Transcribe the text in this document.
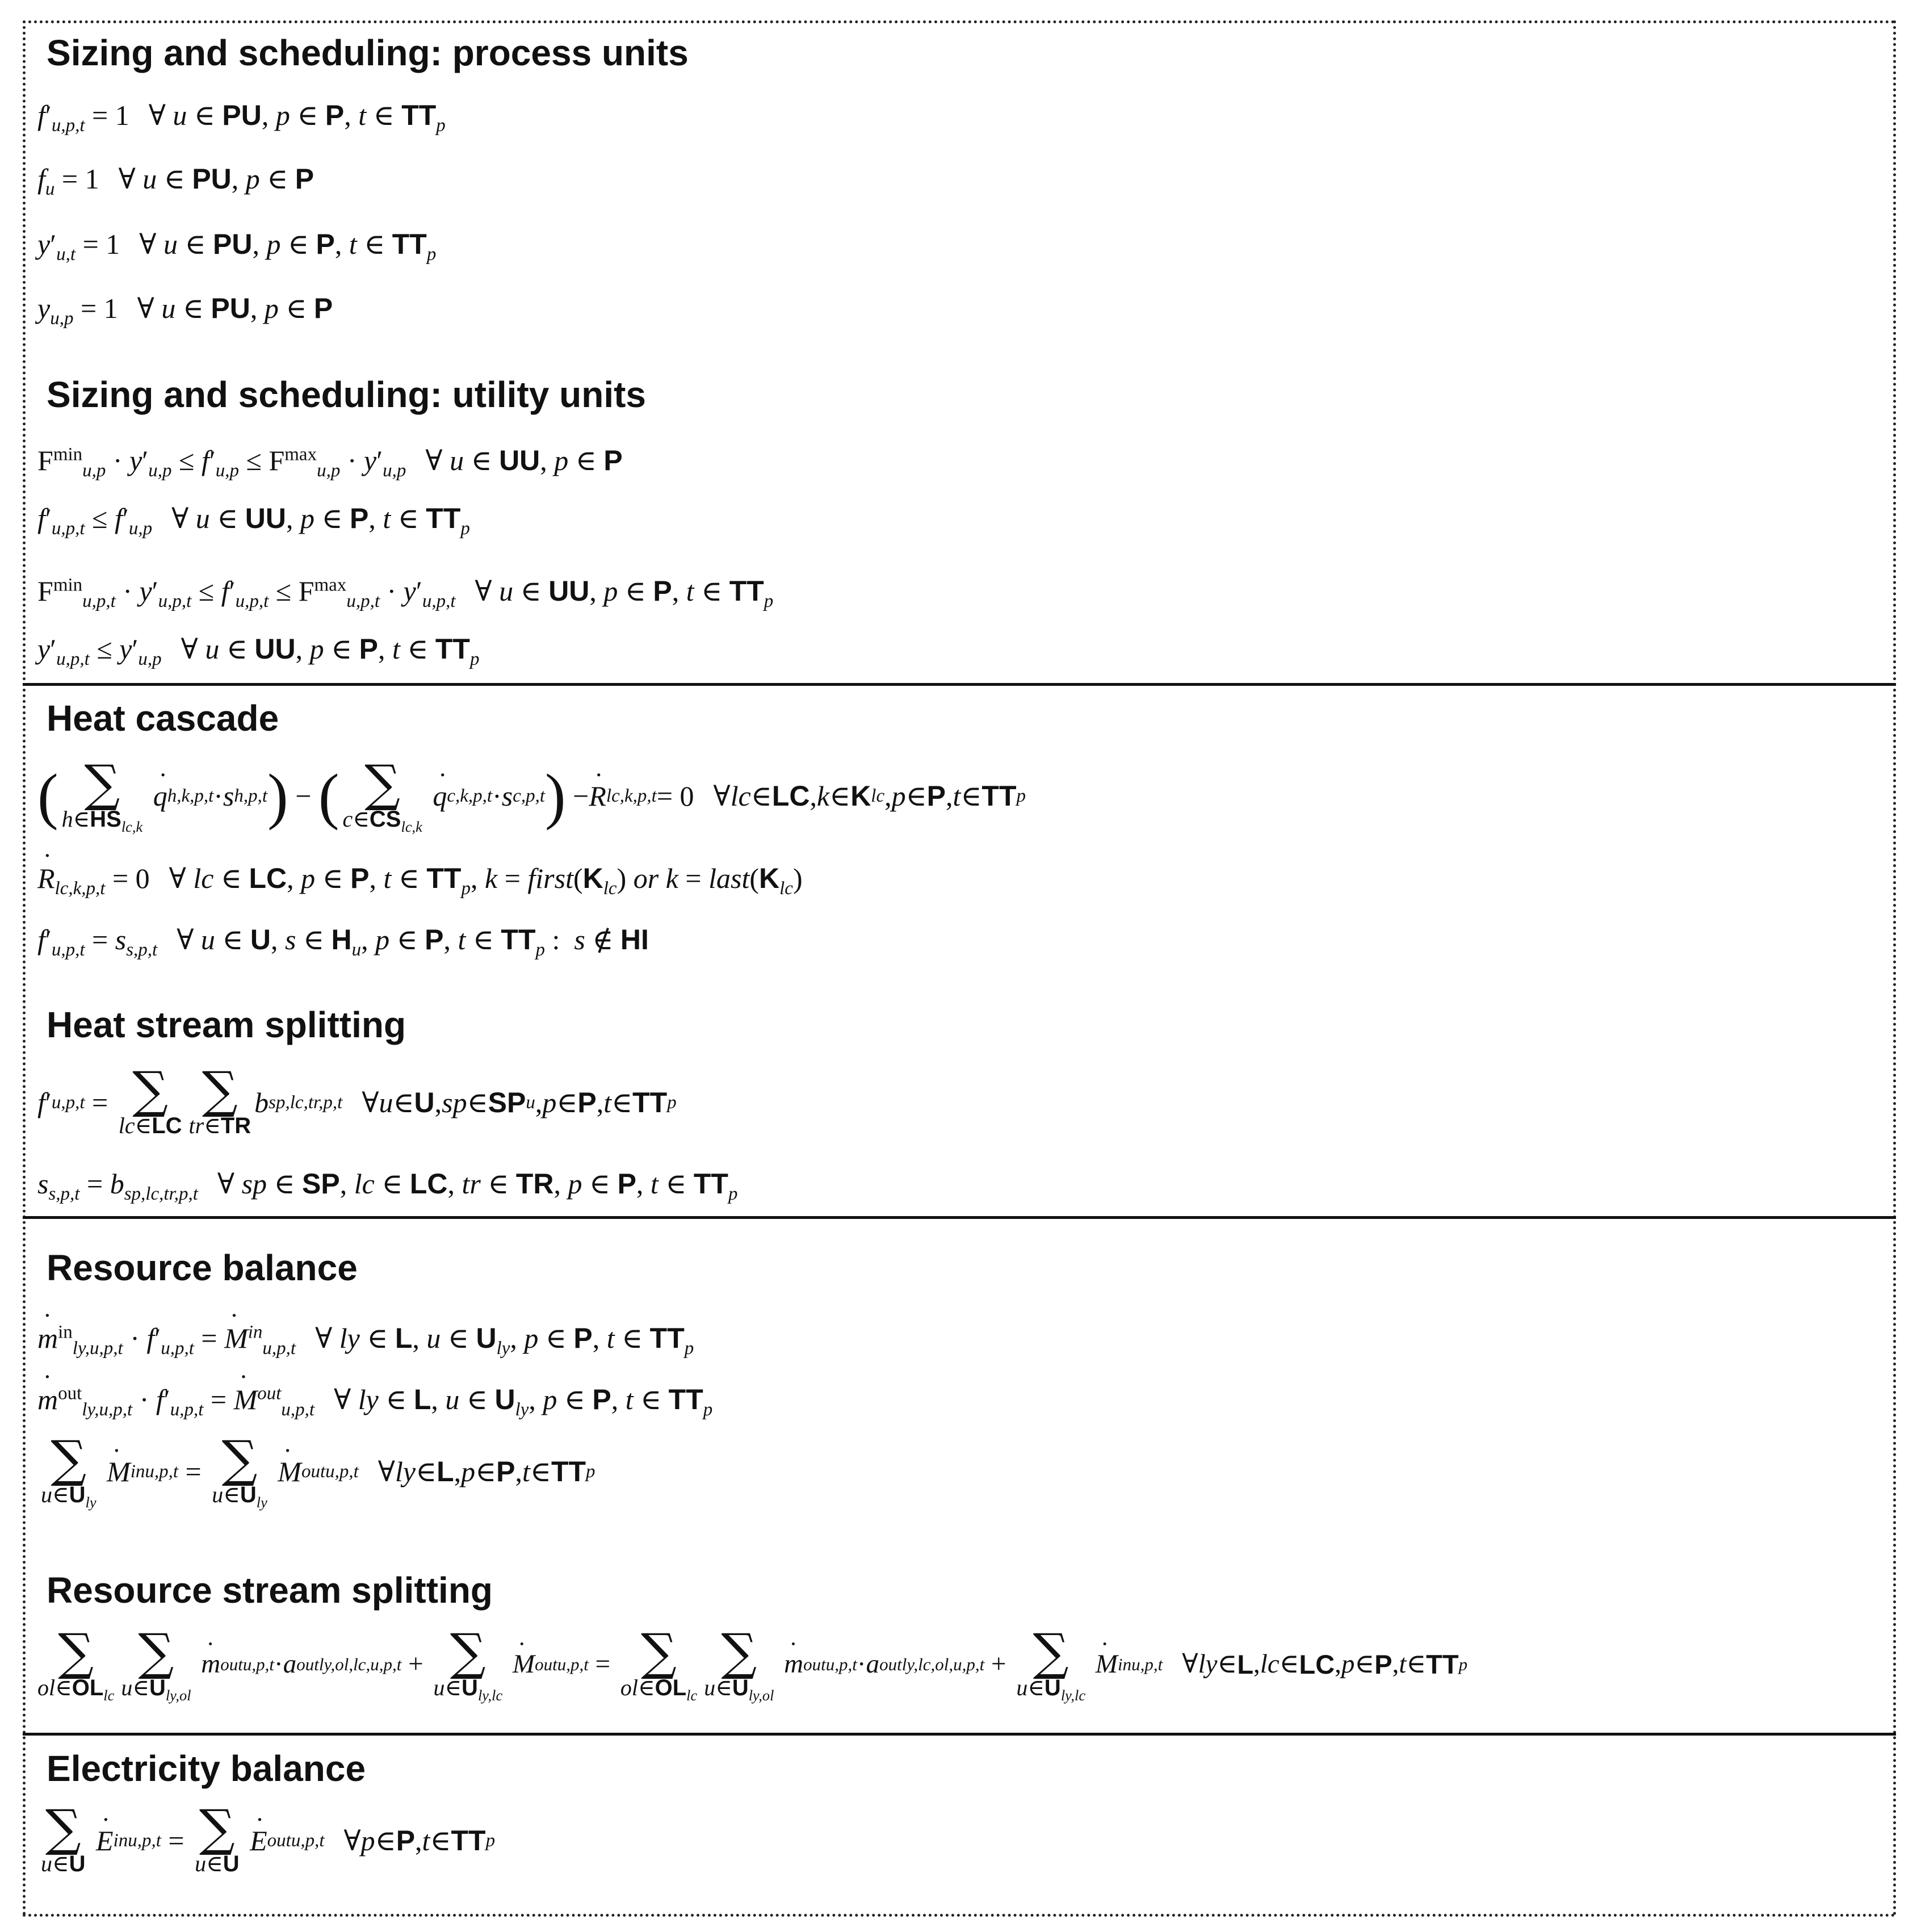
Sizing and scheduling: process units
$f'_{u,p,t} = 1$ ∀ u ∈ PU, p ∈ P, t ∈ $TT_p$
$f_u = 1$ ∀ u ∈ PU, p ∈ P
$y'_{u,t} = 1$ ∀ u ∈ PU, p ∈ P, t ∈ $TT_p$
$y_{u,p} = 1$ ∀ u ∈ PU, p ∈ P
Sizing and scheduling: utility units
$F^{min}_{u,p} \cdot y'_{u,p} \le f'_{u,p} \le F^{max}_{u,p} \cdot y'_{u,p}$ ∀ u ∈ UU, p ∈ P
$f'_{u,p,t} \le f'_{u,p}$ ∀ u ∈ UU, p ∈ P, t ∈ $TT_p$
$F^{min}_{u,p,t} \cdot y'_{u,p,t} \le f'_{u,p,t} \le F^{max}_{u,p,t} \cdot y'_{u,p,t}$ ∀ u ∈ UU, p ∈ P, t ∈ $TT_p$
$y'_{u,p,t} \le y'_{u,p}$ ∀ u ∈ UU, p ∈ P, t ∈ $TT_p$
Heat cascade
( ∑
$h\in HS_{lc,k}$

˙ q h,k,p,t · s h,p,t ) − ( ∑
$c\in CS_{lc,k}$

˙ q c,k,p,t · s c,p,t ) −
˙ R lc,k,p,t = 0 ∀ lc ∈ LC , k ∈ K lc , p ∈ P , t ∈ TT p
˙ $R_{lc,k,p,t} = 0$ ∀ lc ∈ LC, p ∈ P, t ∈ $TT_p$, $k = first(K_{lc})$ or $k = last(K_{lc})$
$f'_{u,p,t} = s_{s,p,t}$ ∀ u ∈ U, s ∈ $H_u$, p ∈ P, t ∈ $TT_p$ :  s ∉ HI
Heat stream splitting
f ′ u,p,t = ∑
lc∈LC
∑
tr∈TR
b sp,lc,tr,p,t ∀ u ∈ U , sp ∈ SP u , p ∈ P , t ∈ TT p
$s_{s,p,t} = b_{sp,lc,tr,p,t}$ ∀ sp ∈ SP, lc ∈ LC, tr ∈ TR, p ∈ P, t ∈ $TT_p$
Resource balance
˙ $m^{in}_{ly,u,p,t} \cdot f'_{u,p,t}$ = ˙ $M^{in}_{u,p,t}$ ∀ ly ∈ L, u ∈ $U_{ly}$, p ∈ P, t ∈ $TT_p$
˙ $m^{out}_{ly,u,p,t} \cdot f'_{u,p,t}$ = ˙ $M^{out}_{u,p,t}$ ∀ ly ∈ L, u ∈ $U_{ly}$, p ∈ P, t ∈ $TT_p$
∑
$u\in U_{ly}$

˙ M in u,p,t = ∑
$u\in U_{ly}$

˙ M out u,p,t ∀ ly ∈ L , p ∈ P , t ∈ TT p
Resource stream splitting
∑
$ol\in OL_{lc}$
∑
$u\in U_{ly,ol}$

˙ m out u,p,t · a out ly,ol,lc,u,p,t + ∑
$u\in U_{ly,lc}$

˙ M out u,p,t = ∑
$ol\in OL_{lc}$
∑
$u\in U_{ly,ol}$

˙ m out u,p,t · a out ly,lc,ol,u,p,t + ∑
$u\in U_{ly,lc}$

˙ M in u,p,t ∀ ly ∈ L , lc ∈ LC , p ∈ P , t ∈ TT p
Electricity balance
∑
u∈U

˙ E in u,p,t = ∑
u∈U

˙ E out u,p,t ∀ p ∈ P , t ∈ TT p
